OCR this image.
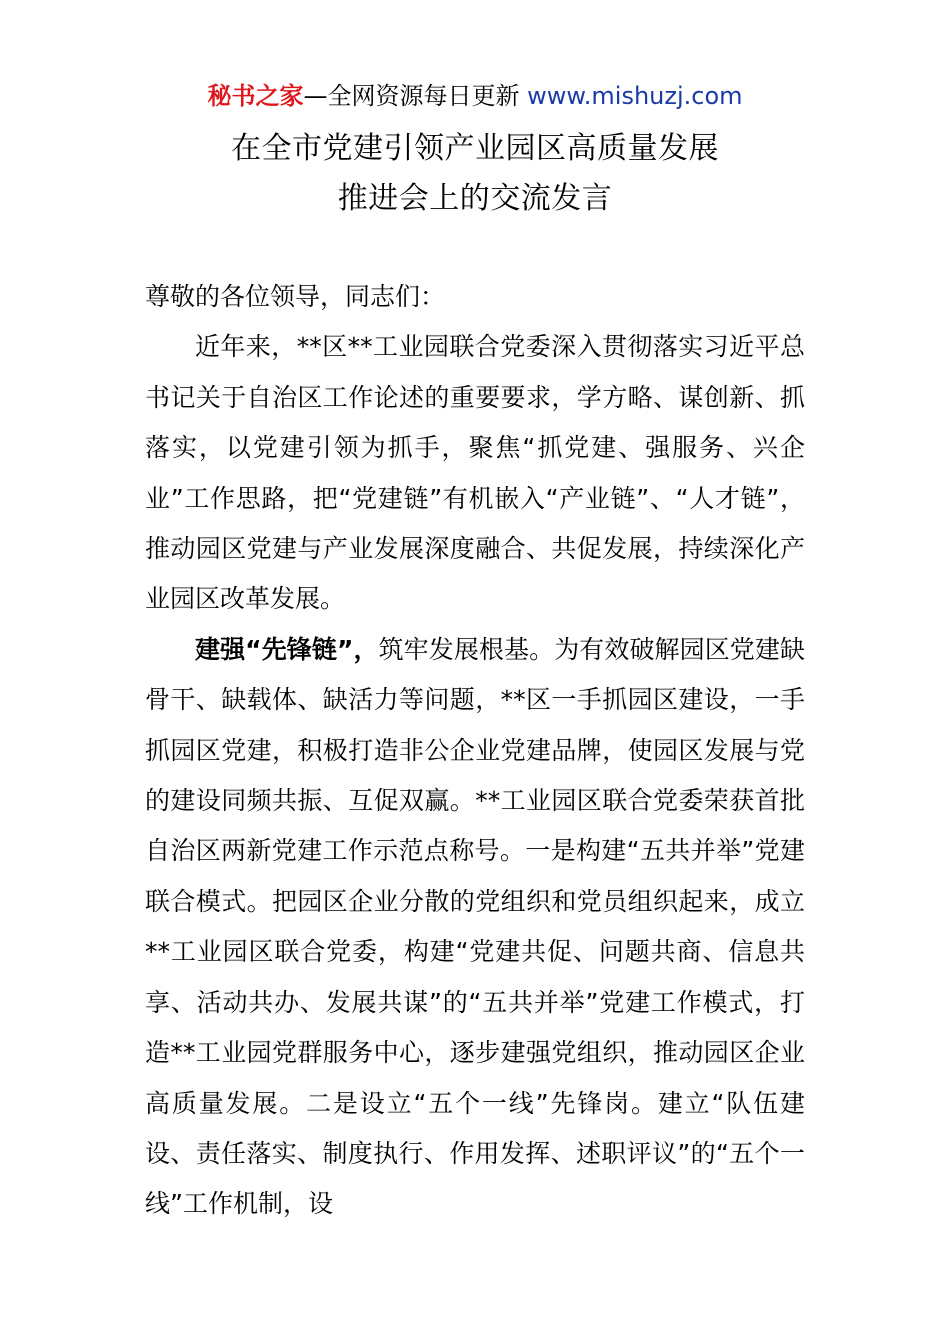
秘书之家—全网资源每日更新 www.mishuzj.com
在全市党建引领产业园区高质量发展
推进会上的交流发言

尊敬的各位领导，同志们：

近年来，**区**工业园联合党委深入贯彻落实习近平总书记关于自治区工作论述的重要要求，学方略、谋创新、抓落实，以党建引领为抓手，聚焦“抓党建、强服务、兴企业”工作思路，把“党建链”有机嵌入“产业链”、“人才链”，推动园区党建与产业发展深度融合、共促发展，持续深化产业园区改革发展。

建强“先锋链”，筑牢发展根基。为有效破解园区党建缺骨干、缺载体、缺活力等问题，**区一手抓园区建设，一手抓园区党建，积极打造非公企业党建品牌，使园区发展与党的建设同频共振、互促双赢。**工业园区联合党委荣获首批自治区两新党建工作示范点称号。一是构建“五共并举”党建联合模式。把园区企业分散的党组织和党员组织起来，成立**工业园区联合党委，构建“党建共促、问题共商、信息共享、活动共办、发展共谋”的“五共并举”党建工作模式，打造**工业园党群服务中心，逐步建强党组织，推动园区企业高质量发展。二是设立“五个一线”先锋岗。建立“队伍建设、责任落实、制度执行、作用发挥、述职评议”的“五个一线”工作机制，设
